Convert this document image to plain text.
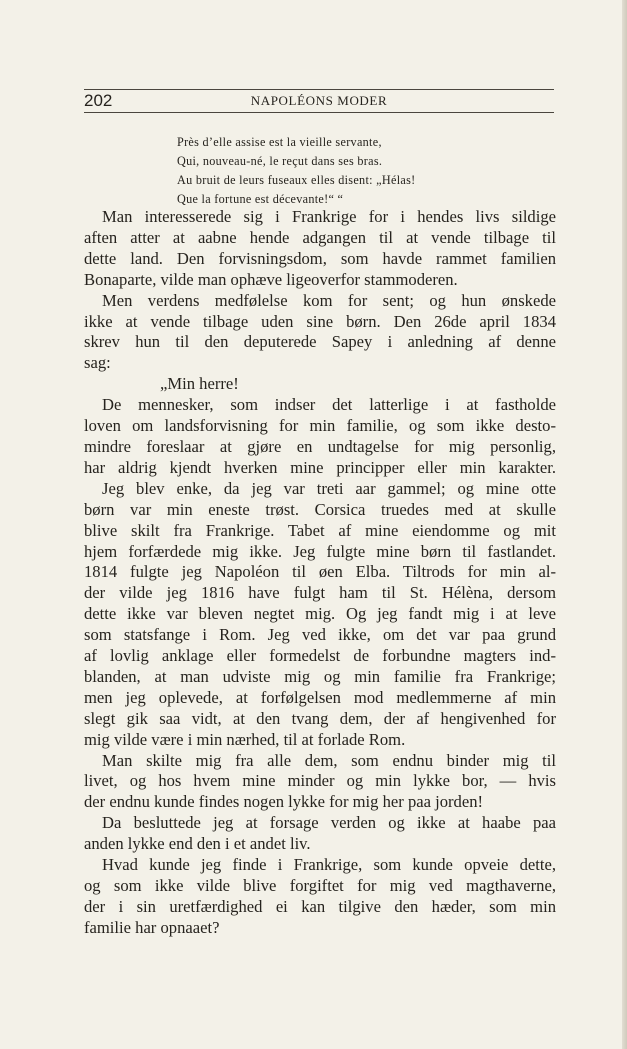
202	NAPOLÉONS MODER
Près d’elle assise est la vieille servante,
Qui, nouveau-né, le reçut dans ses bras.
Au bruit de leurs fuseaux elles disent: „Hélas!
Que la fortune est décevante!“ “
Man interesserede sig i Frankrige for i hendes livs sildige
aften atter at aabne hende adgangen til at vende tilbage til
dette land. Den forvisningsdom, som havde rammet familien
Bonaparte, vilde man ophæve ligeoverfor stammoderen.
Men verdens medfølelse kom for sent; og hun ønskede
ikke at vende tilbage uden sine børn. Den 26de april 1834
skrev hun til den deputerede Sapey i anledning af denne
sag:
„Min herre!
De mennesker, som indser det latterlige i at fastholde
loven om landsforvisning for min familie, og som ikke desto-
mindre foreslaar at gjøre en undtagelse for mig personlig,
har aldrig kjendt hverken mine principper eller min karakter.
Jeg blev enke, da jeg var treti aar gammel; og mine otte
børn var min eneste trøst. Corsica truedes med at skulle
blive skilt fra Frankrige. Tabet af mine eiendomme og mit
hjem forfærdede mig ikke. Jeg fulgte mine børn til fastlandet.
1814 fulgte jeg Napoléon til øen Elba. Tiltrods for min al-
der vilde jeg 1816 have fulgt ham til St. Hélèna, dersom
dette ikke var bleven negtet mig. Og jeg fandt mig i at leve
som statsfange i Rom. Jeg ved ikke, om det var paa grund
af lovlig anklage eller formedelst de forbundne magters ind-
blanden, at man udviste mig og min familie fra Frankrige;
men jeg oplevede, at forfølgelsen mod medlemmerne af min
slegt gik saa vidt, at den tvang dem, der af hengivenhed for
mig vilde være i min nærhed, til at forlade Rom.
Man skilte mig fra alle dem, som endnu binder mig til
livet, og hos hvem mine minder og min lykke bor, — hvis
der endnu kunde findes nogen lykke for mig her paa jorden!
Da besluttede jeg at forsage verden og ikke at haabe paa
anden lykke end den i et andet liv.
Hvad kunde jeg finde i Frankrige, som kunde opveie dette,
og som ikke vilde blive forgiftet for mig ved magthaverne,
der i sin uretfærdighed ei kan tilgive den hæder, som min
familie har opnaaet?
